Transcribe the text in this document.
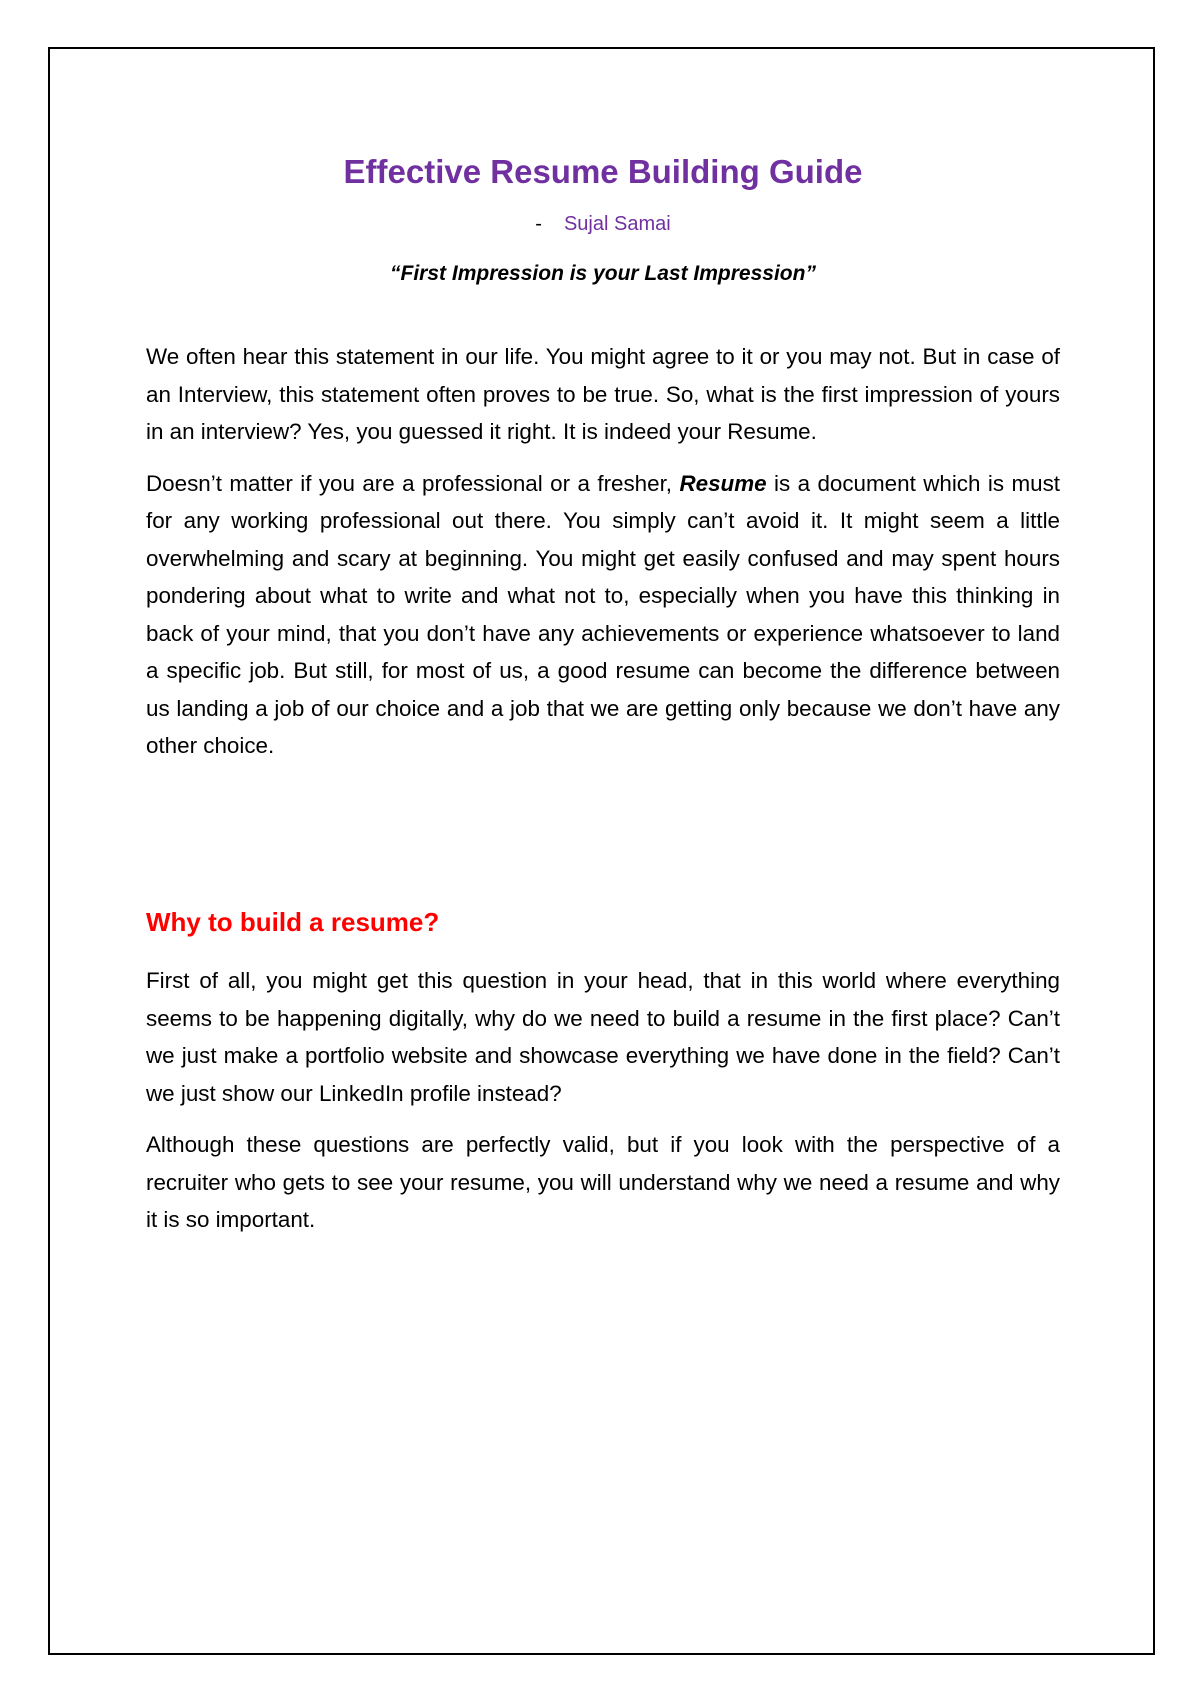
Effective Resume Building Guide
- Sujal Samai
“First Impression is your Last Impression”

We often hear this statement in our life. You might agree to it or you may not. But in case of an Interview, this statement often proves to be true. So, what is the first impression of yours in an interview? Yes, you guessed it right. It is indeed your Resume.

Doesn’t matter if you are a professional or a fresher, Resume is a document which is must for any working professional out there. You simply can’t avoid it. It might seem a little overwhelming and scary at beginning. You might get easily confused and may spent hours pondering about what to write and what not to, especially when you have this thinking in back of your mind, that you don’t have any achievements or experience whatsoever to land a specific job. But still, for most of us, a good resume can become the difference between us landing a job of our choice and a job that we are getting only because we don’t have any other choice.

Why to build a resume?

First of all, you might get this question in your head, that in this world where everything seems to be happening digitally, why do we need to build a resume in the first place? Can’t we just make a portfolio website and showcase everything we have done in the field? Can’t we just show our LinkedIn profile instead?

Although these questions are perfectly valid, but if you look with the perspective of a recruiter who gets to see your resume, you will understand why we need a resume and why it is so important.
